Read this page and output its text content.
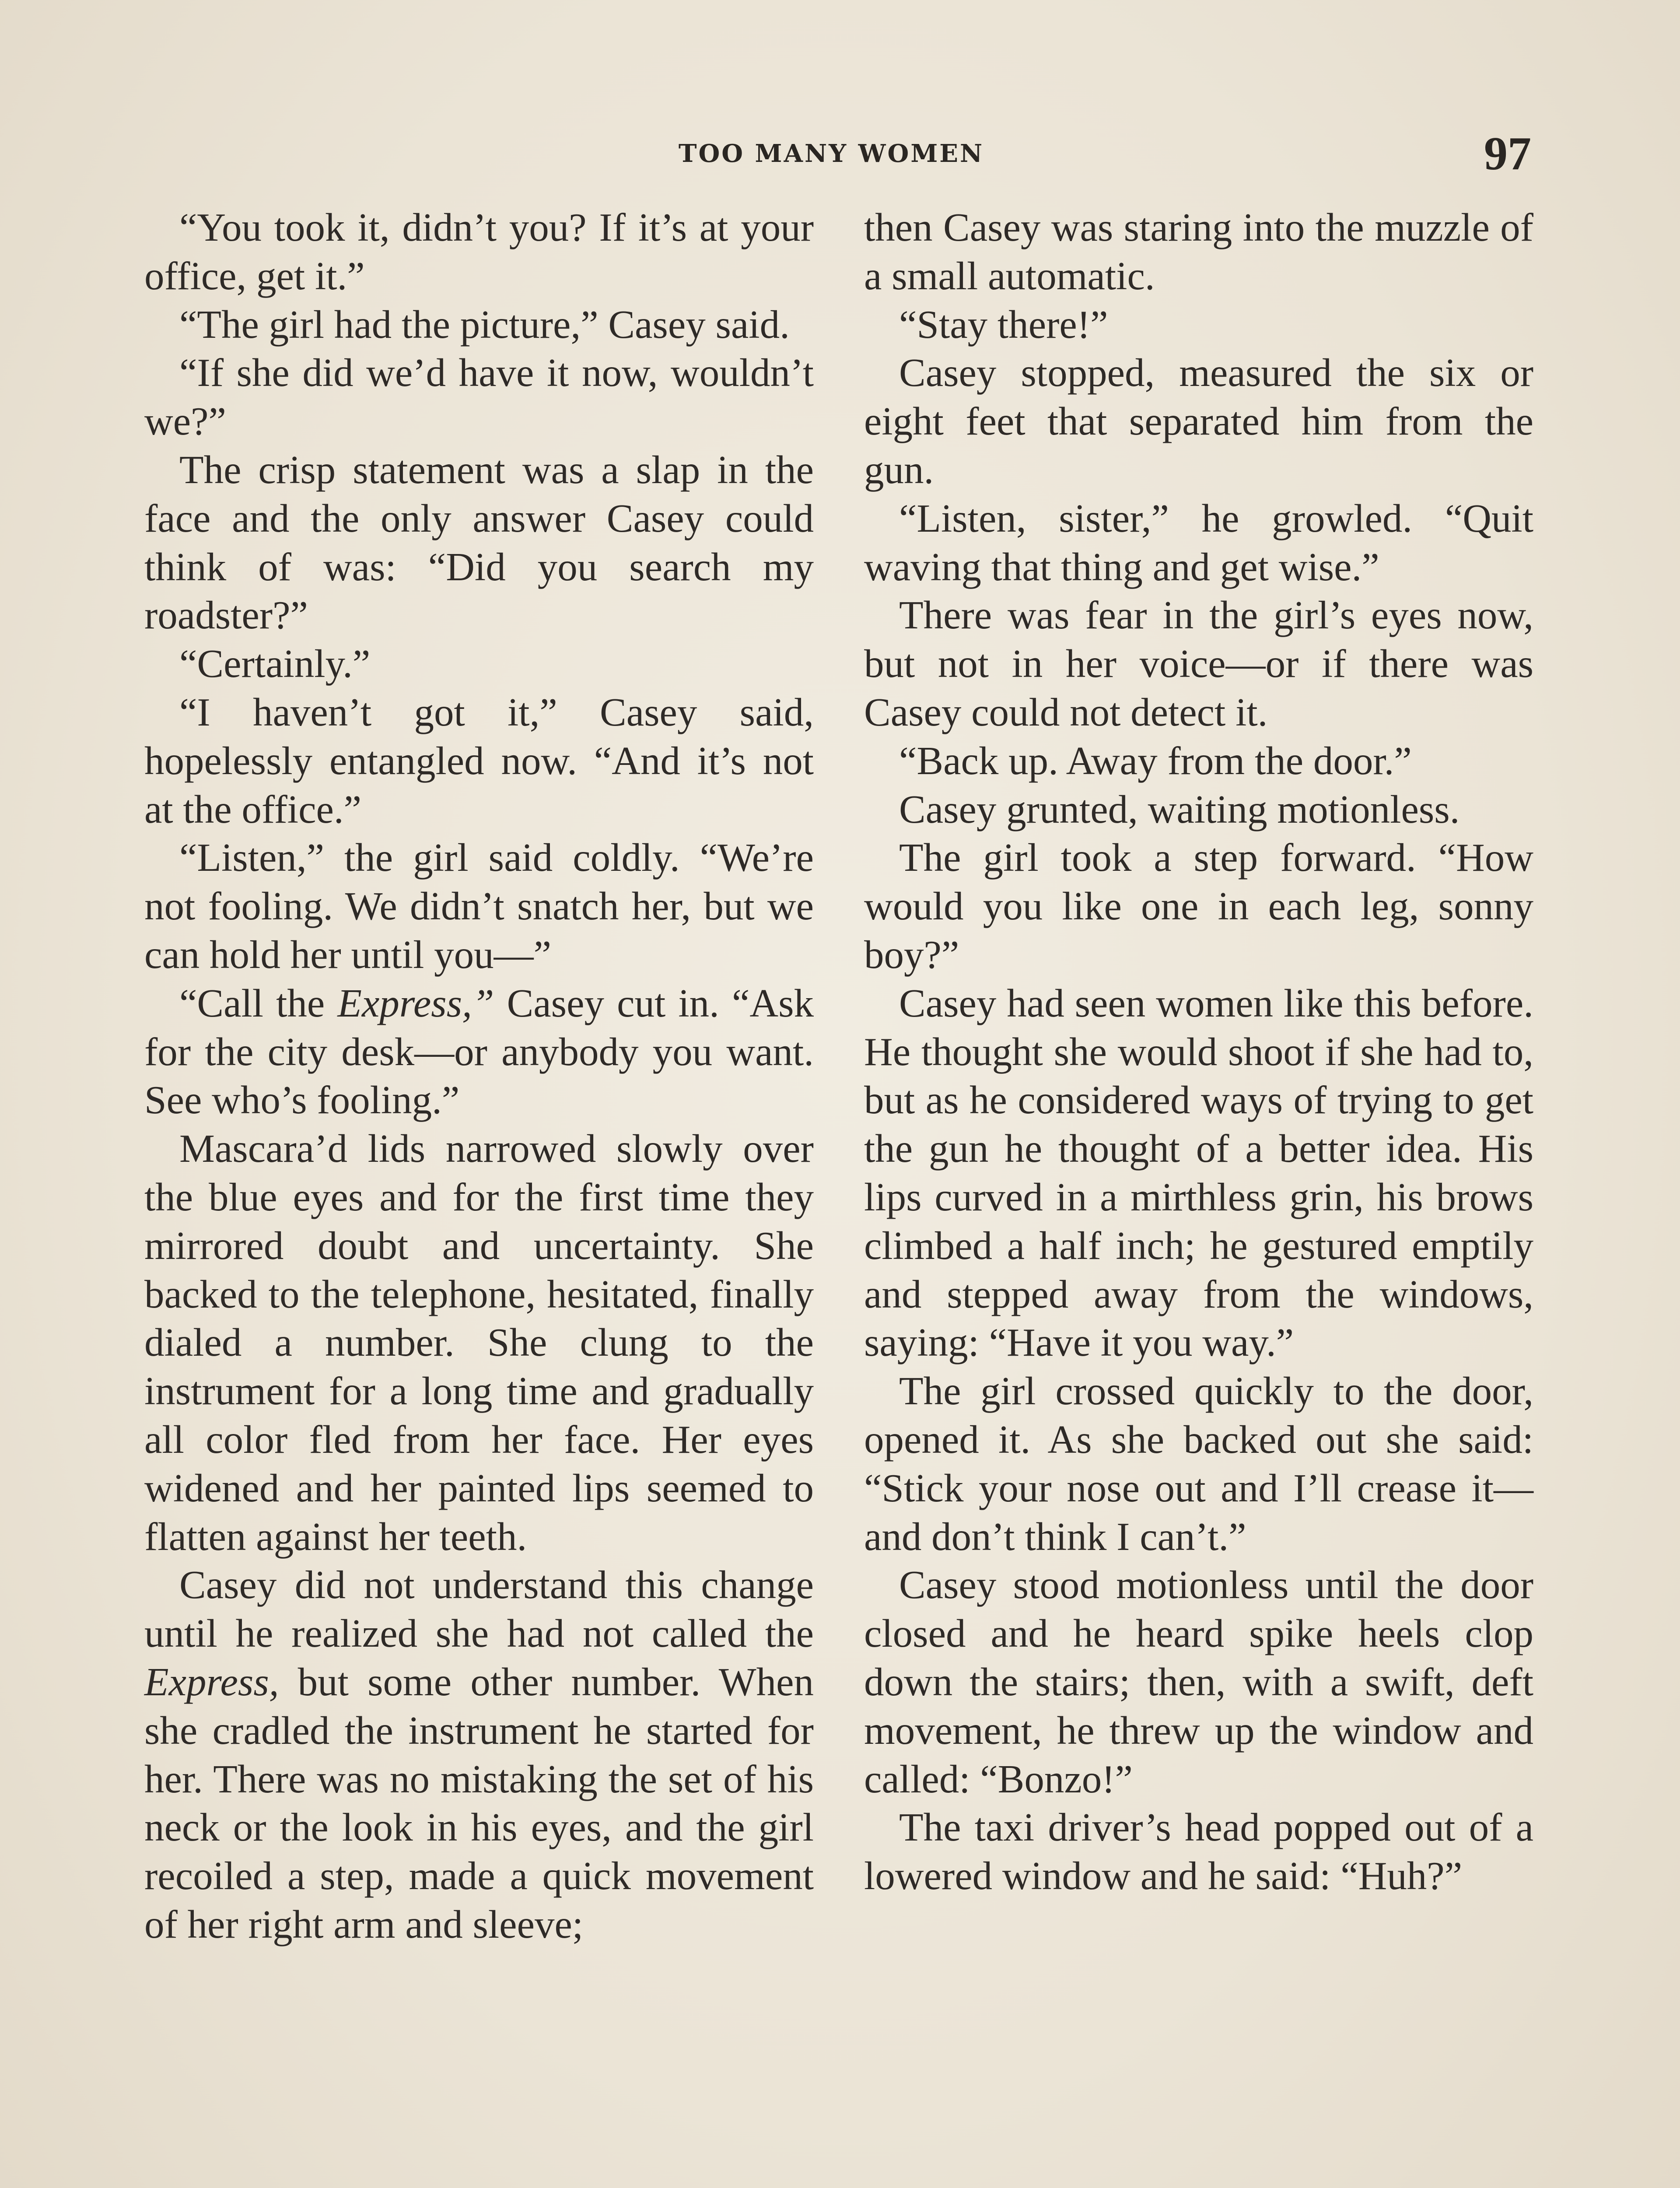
TOO MANY WOMEN	97

“You took it, didn’t you? If it’s at your office, get it.”

“The girl had the picture,” Casey said.

“If she did we’d have it now, wouldn’t we?”

The crisp statement was a slap in the face and the only answer Casey could think of was: “Did you search my roadster?”

“Certainly.”

“I haven’t got it,” Casey said, hopelessly entangled now. “And it’s not at the office.”

“Listen,” the girl said coldly. “We’re not fooling. We didn’t snatch her, but we can hold her until you—”

“Call the Express,” Casey cut in. “Ask for the city desk—or anybody you want. See who’s fooling.”

Mascara’d lids narrowed slowly over the blue eyes and for the first time they mirrored doubt and uncertainty. She backed to the telephone, hesitated, finally dialed a number. She clung to the instrument for a long time and gradually all color fled from her face. Her eyes widened and her painted lips seemed to flatten against her teeth.

Casey did not understand this change until he realized she had not called the Express, but some other number. When she cradled the instrument he started for her. There was no mistaking the set of his neck or the look in his eyes, and the girl recoiled a step, made a quick movement of her right arm and sleeve;

then Casey was staring into the muzzle of a small automatic.

“Stay there!”

Casey stopped, measured the six or eight feet that separated him from the gun.

“Listen, sister,” he growled. “Quit waving that thing and get wise.”

There was fear in the girl’s eyes now, but not in her voice—or if there was Casey could not detect it.

“Back up. Away from the door.”

Casey grunted, waiting motionless.

The girl took a step forward. “How would you like one in each leg, sonny boy?”

Casey had seen women like this before. He thought she would shoot if she had to, but as he considered ways of trying to get the gun he thought of a better idea. His lips curved in a mirthless grin, his brows climbed a half inch; he gestured emptily and stepped away from the windows, saying: “Have it you way.”

The girl crossed quickly to the door, opened it. As she backed out she said: “Stick your nose out and I’ll crease it—and don’t think I can’t.”

Casey stood motionless until the door closed and he heard spike heels clop down the stairs; then, with a swift, deft movement, he threw up the window and called: “Bonzo!”

The taxi driver’s head popped out of a lowered window and he said: “Huh?”
